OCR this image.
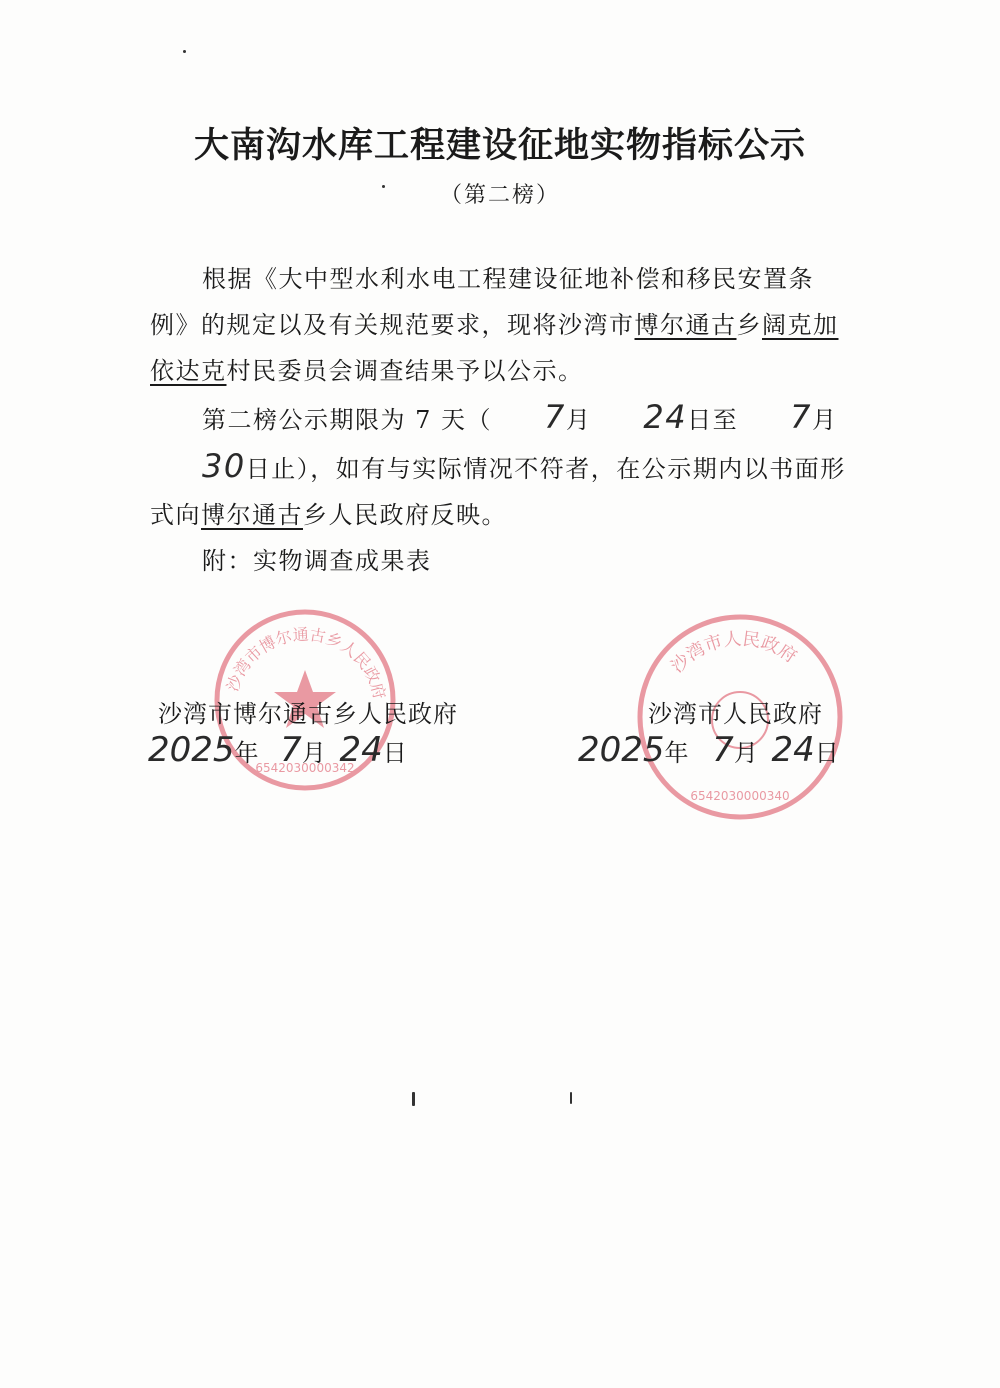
大南沟水库工程建设征地实物指标公示
（第二榜）

根据《大中型水利水电工程建设征地补偿和移民安置条例》的规定以及有关规范要求，现将沙湾市博尔通古乡阔克加依达克村民委员会调查结果予以公示。

第二榜公示期限为 7 天（ 7月 24日至 7月30日止），如有与实际情况不符者，在公示期内以书面形式向博尔通古乡人民政府反映。

附：实物调查成果表

沙湾市博尔通古乡人民政府
6542030000342
沙湾市人民政府
6542030000340
沙湾市博尔通古乡人民政府
2025年 7月 24日
沙湾市人民政府
2025年 7月 24日
